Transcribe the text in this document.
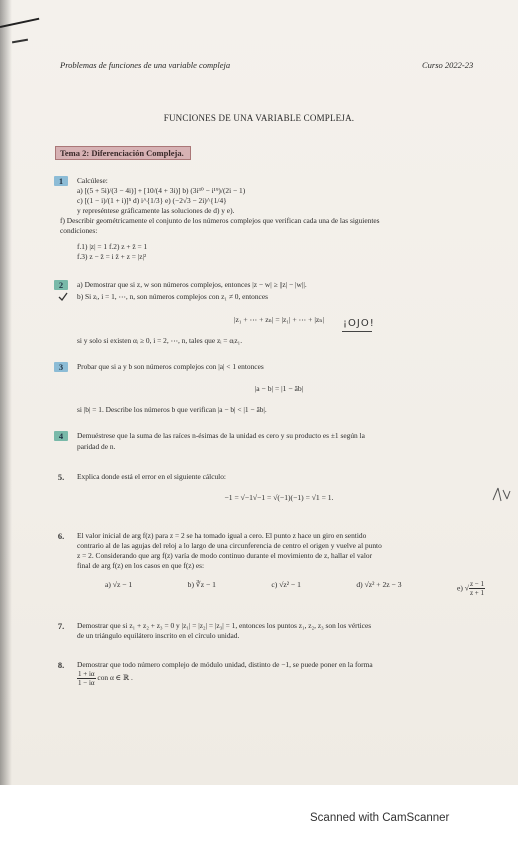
Problemas de funciones de una variable compleja	Curso 2022-23
FUNCIONES DE UNA VARIABLE COMPLEJA.
Tema 2: Diferenciación Compleja.
1	Calcúlese:
a) [(5 + 5i)/(3 − 4i)] + [10/(4 + 3i)] b) (3i³⁰ − i¹⁹)/(2i − 1)
c) [(1 − i)/(1 + i)]⁵ d) i^{1/3} e) (−2√3 − 2i)^{1/4}
y represéntese gráficamente las soluciones de d) y e).
f) Describir geométricamente el conjunto de los números complejos que verifican cada una de las siguientes
condiciones:
f.1) |z| = 1 f.2) z + z̄ = 1
f.3) z − z̄ = i z̄ + z = |z|²
2	a) Demostrar que si z, w son números complejos, entonces |z − w| ≥ ||z| − |w||.
b) Si zᵢ, i = 1, ⋯, n, son números complejos con z₁ ≠ 0, entonces
|z₁ + ⋯ + zₙ| = |z₁| + ⋯ + |zₙ|
si y solo si existen αᵢ ≥ 0, i = 2, ⋯, n, tales que zᵢ = αᵢz₁.
¡OJO!
3	Probar que si a y b son números complejos con |a| < 1 entonces
|a − b| = |1 − āb|
si |b| = 1. Describe los números b que verifican |a − b| < |1 − āb|.
4	Demuéstrese que la suma de las raíces n-ésimas de la unidad es cero y su producto es ±1 según la
paridad de n.
5.	Explica donde está el error en el siguiente cálculo:
−1 = √−1√−1 = √(−1)(−1) = √1 = 1.
6.	El valor inicial de arg f(z) para z = 2 se ha tomado igual a cero. El punto z hace un giro en sentido
contrario al de las agujas del reloj a lo largo de una circunferencia de centro el origen y vuelve al punto
z = 2. Considerando que arg f(z) varía de modo continuo durante el movimiento de z, hallar el valor
final de arg f(z) en los casos en que f(z) es:
a) √z − 1	b) ∛z − 1	c) √z² − 1	d) √z² + 2z − 3	e) √ $\frac{z - 1}{z + 1}$
7.	Demostrar que si z₁ + z₂ + z₃ = 0 y |z₁| = |z₂| = |z₃| = 1, entonces los puntos z₁, z₂, z₃ son los vértices
de un triángulo equilátero inscrito en el círculo unidad.
8.	Demostrar que todo número complejo de módulo unidad, distinto de −1, se puede poner en la forma
$\frac{1 + i\alpha}{1 - i\alpha}$ con α ∈ ℝ .
Scanned with CamScanner
